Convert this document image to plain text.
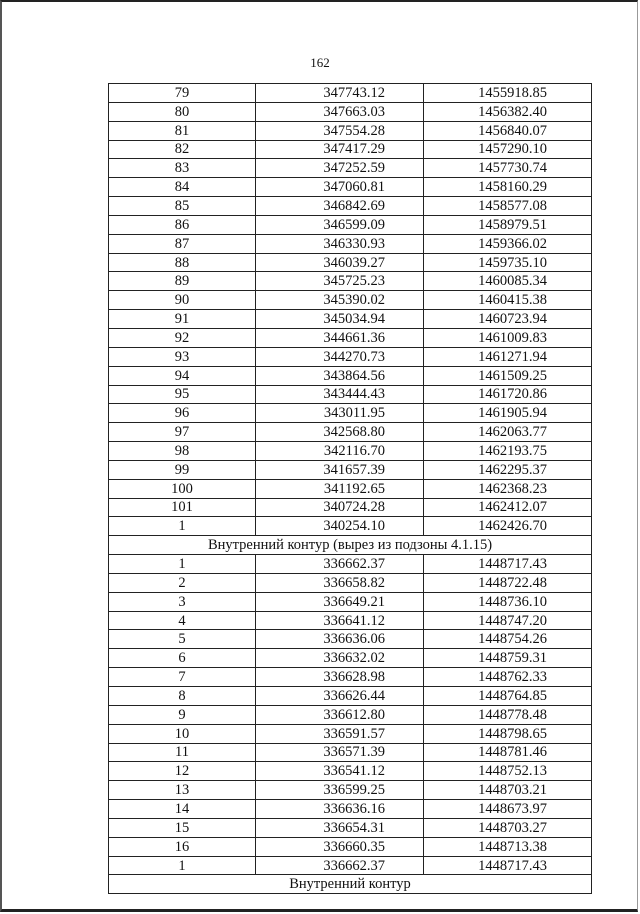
162
79	347743.12	1455918.85
80	347663.03	1456382.40
81	347554.28	1456840.07
82	347417.29	1457290.10
83	347252.59	1457730.74
84	347060.81	1458160.29
85	346842.69	1458577.08
86	346599.09	1458979.51
87	346330.93	1459366.02
88	346039.27	1459735.10
89	345725.23	1460085.34
90	345390.02	1460415.38
91	345034.94	1460723.94
92	344661.36	1461009.83
93	344270.73	1461271.94
94	343864.56	1461509.25
95	343444.43	1461720.86
96	343011.95	1461905.94
97	342568.80	1462063.77
98	342116.70	1462193.75
99	341657.39	1462295.37
100	341192.65	1462368.23
101	340724.28	1462412.07
1	340254.10	1462426.70
Внутренний контур (вырез из подзоны 4.1.15)		
1	336662.37	1448717.43
2	336658.82	1448722.48
3	336649.21	1448736.10
4	336641.12	1448747.20
5	336636.06	1448754.26
6	336632.02	1448759.31
7	336628.98	1448762.33
8	336626.44	1448764.85
9	336612.80	1448778.48
10	336591.57	1448798.65
11	336571.39	1448781.46
12	336541.12	1448752.13
13	336599.25	1448703.21
14	336636.16	1448673.97
15	336654.31	1448703.27
16	336660.35	1448713.38
1	336662.37	1448717.43
Внутренний контур		
